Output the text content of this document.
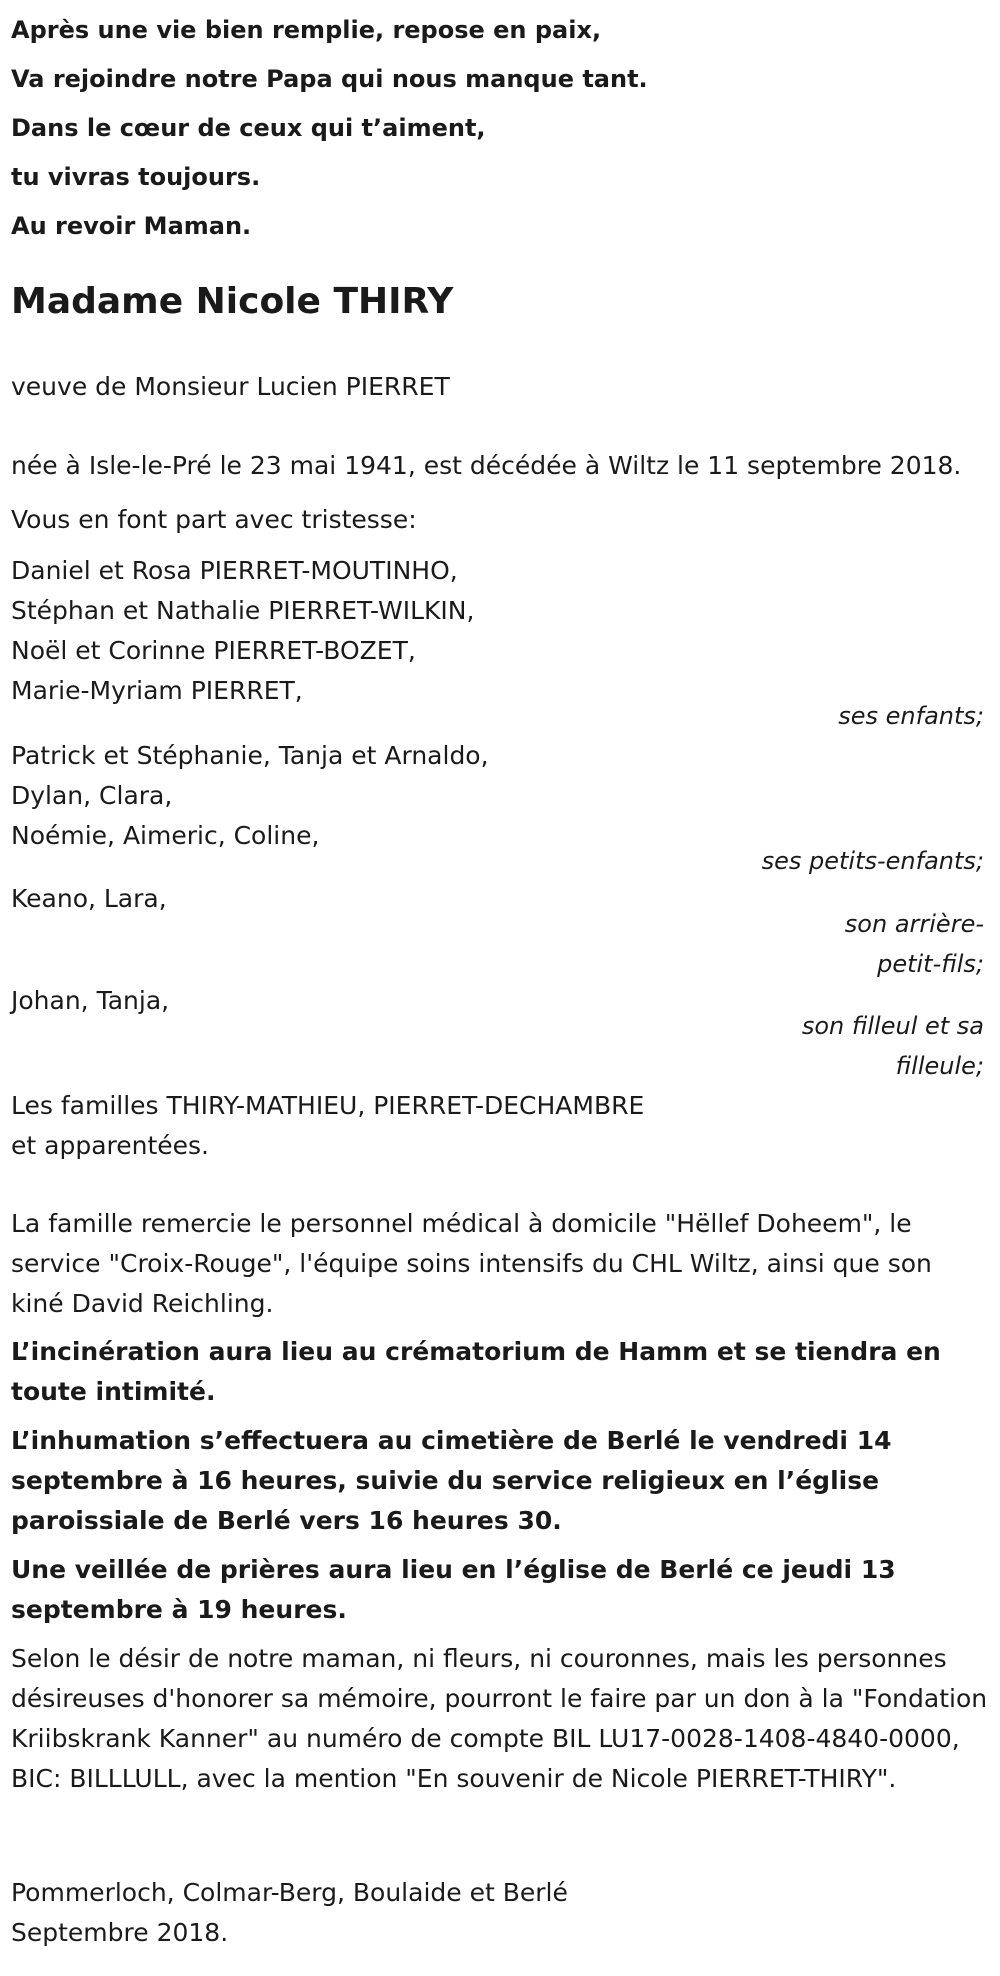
Après une vie bien remplie, repose en paix,
Va rejoindre notre Papa qui nous manque tant.
Dans le cœur de ceux qui t’aiment,
tu vivras toujours.
Au revoir Maman.
Madame Nicole THIRY
veuve de Monsieur Lucien PIERRET
née à Isle-le-Pré le 23 mai 1941, est décédée à Wiltz le 11 septembre 2018.
Vous en font part avec tristesse:
Daniel et Rosa PIERRET-MOUTINHO,
Stéphan et Nathalie PIERRET-WILKIN,
Noël et Corinne PIERRET-BOZET,
Marie-Myriam PIERRET,
ses enfants;
Patrick et Stéphanie, Tanja et Arnaldo,
Dylan, Clara,
Noémie, Aimeric, Coline,
ses petits-enfants;
Keano, Lara,
son arrière-
petit-fils;
Johan, Tanja,
son filleul et sa
filleule;
Les familles THIRY-MATHIEU, PIERRET-DECHAMBRE
et apparentées.
La famille remercie le personnel médical à domicile "Hëllef Doheem", le service "Croix-Rouge", l'équipe soins intensifs du CHL Wiltz, ainsi que son kiné David Reichling.
L’incinération aura lieu au crématorium de Hamm et se tiendra en toute intimité.
L’inhumation s’effectuera au cimetière de Berlé le vendredi 14 septembre à 16 heures, suivie du service religieux en l’église paroissiale de Berlé vers 16 heures 30.
Une veillée de prières aura lieu en l’église de Berlé ce jeudi 13 septembre à 19 heures.
Selon le désir de notre maman, ni fleurs, ni couronnes, mais les personnes désireuses d'honorer sa mémoire, pourront le faire par un don à la "Fondation Kriibskrank Kanner" au numéro de compte BIL LU17-0028-1408-4840-0000, BIC: BILLLULL, avec la mention "En souvenir de Nicole PIERRET-THIRY".
Pommerloch, Colmar-Berg, Boulaide et Berlé
Septembre 2018.
